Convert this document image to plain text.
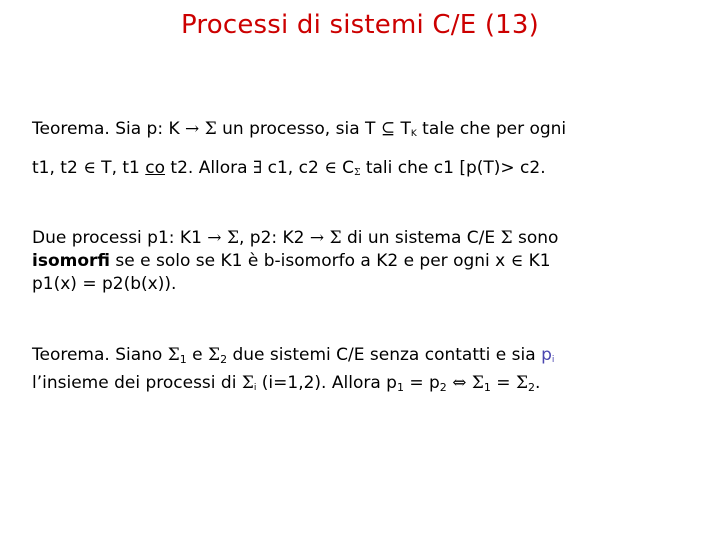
Processi di sistemi C/E (13)
Teorema. Sia p: K → Σ un processo, sia T ⊆ TK tale che per ogni
t1, t2 ∈ T, t1 co t2. Allora ∃ c1, c2 ∈ CΣ tali che c1 [p(T)> c2.
Due processi p1: K1 → Σ, p2: K2 → Σ di un sistema C/E Σ sono
isomorfi se e solo se K1 è b-isomorfo a K2 e per ogni x ∈ K1
p1(x) = p2(b(x)).
Teorema. Siano $\Sigma_1$ e $\Sigma_2$ due sistemi C/E senza contatti e sia pi
l’insieme dei processi di Σi (i=1,2). Allora $p_1 = p_2$ ⇔ $\Sigma_1 = \Sigma_2$.
